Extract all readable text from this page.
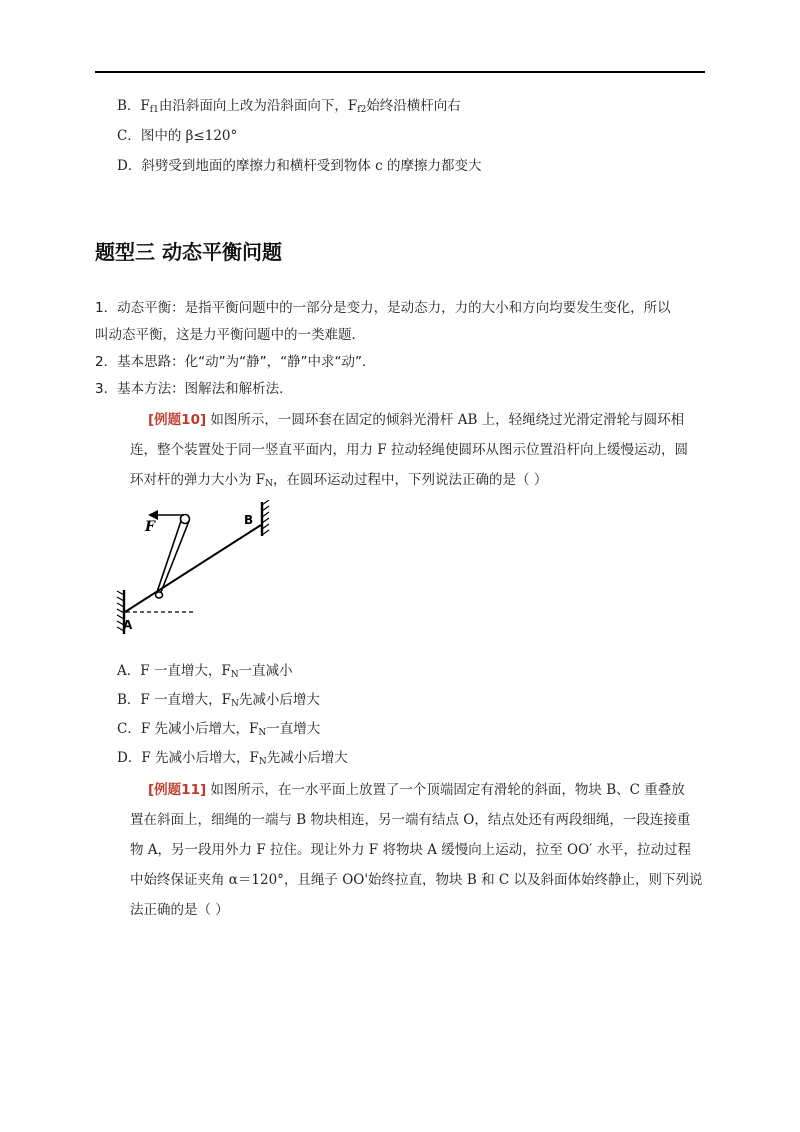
B．$F_{f1}$由沿斜面向上改为沿斜面向下，$F_{f2}$始终沿横杆向右
C．图中的 β≤120°
D．斜劈受到地面的摩擦力和横杆受到物体 c 的摩擦力都变大
题型三 动态平衡问题
1．动态平衡：是指平衡问题中的一部分是变力，是动态力，力的大小和方向均要发生变化，所以
叫动态平衡，这是力平衡问题中的一类难题．
2．基本思路：化“动”为“静”，“静”中求“动”．
3．基本方法：图解法和解析法．
[例题10] 如图所示，一圆环套在固定的倾斜光滑杆 AB 上，轻绳绕过光滑定滑轮与圆环相
连，整个装置处于同一竖直平面内，用力 F 拉动轻绳使圆环从图示位置沿杆向上缓慢运动，圆
环对杆的弹力大小为 $F_N$，在圆环运动过程中，下列说法正确的是（ ）
F	B
A
A．F 一直增大，$F_N$一直减小
B．F 一直增大，$F_N$先减小后增大
C．F 先减小后增大，$F_N$一直增大
D．F 先减小后增大，$F_N$先减小后增大
[例题11] 如图所示，在一水平面上放置了一个顶端固定有滑轮的斜面，物块 B、C 重叠放
置在斜面上，细绳的一端与 B 物块相连，另一端有结点 O，结点处还有两段细绳，一段连接重
物 A，另一段用外力 F 拉住。现让外力 F 将物块 A 缓慢向上运动，拉至 OO′ 水平，拉动过程
中始终保证夹角 α＝120°，且绳子 OO'始终拉直，物块 B 和 C 以及斜面体始终静止，则下列说
法正确的是（ ）
